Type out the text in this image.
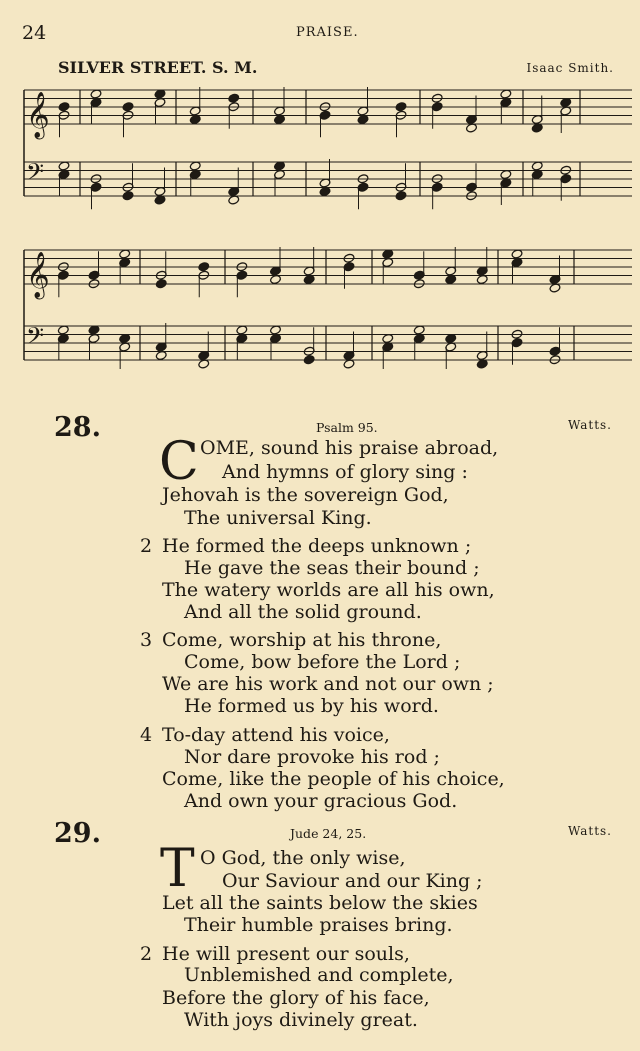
24	PRAISE.
SILVER STREET. S. M.	Isaac Smith.
𝄞
𝄢
𝄞
𝄢
28.	Psalm 95.	Watts.
C OME, sound his praise abroad,
And hymns of glory sing :
Jehovah is the sovereign God,
The universal King.
2 He formed the deeps unknown ;
He gave the seas their bound ;
The watery worlds are all his own,
And all the solid ground.
3 Come, worship at his throne,
Come, bow before the Lord ;
We are his work and not our own ;
He formed us by his word.
4 To-day attend his voice,
Nor dare provoke his rod ;
Come, like the people of his choice,
And own your gracious God.
29.	Jude 24, 25.	Watts.
T O God, the only wise,
Our Saviour and our King ;
Let all the saints below the skies
Their humble praises bring.
2 He will present our souls,
Unblemished and complete,
Before the glory of his face,
With joys divinely great.
